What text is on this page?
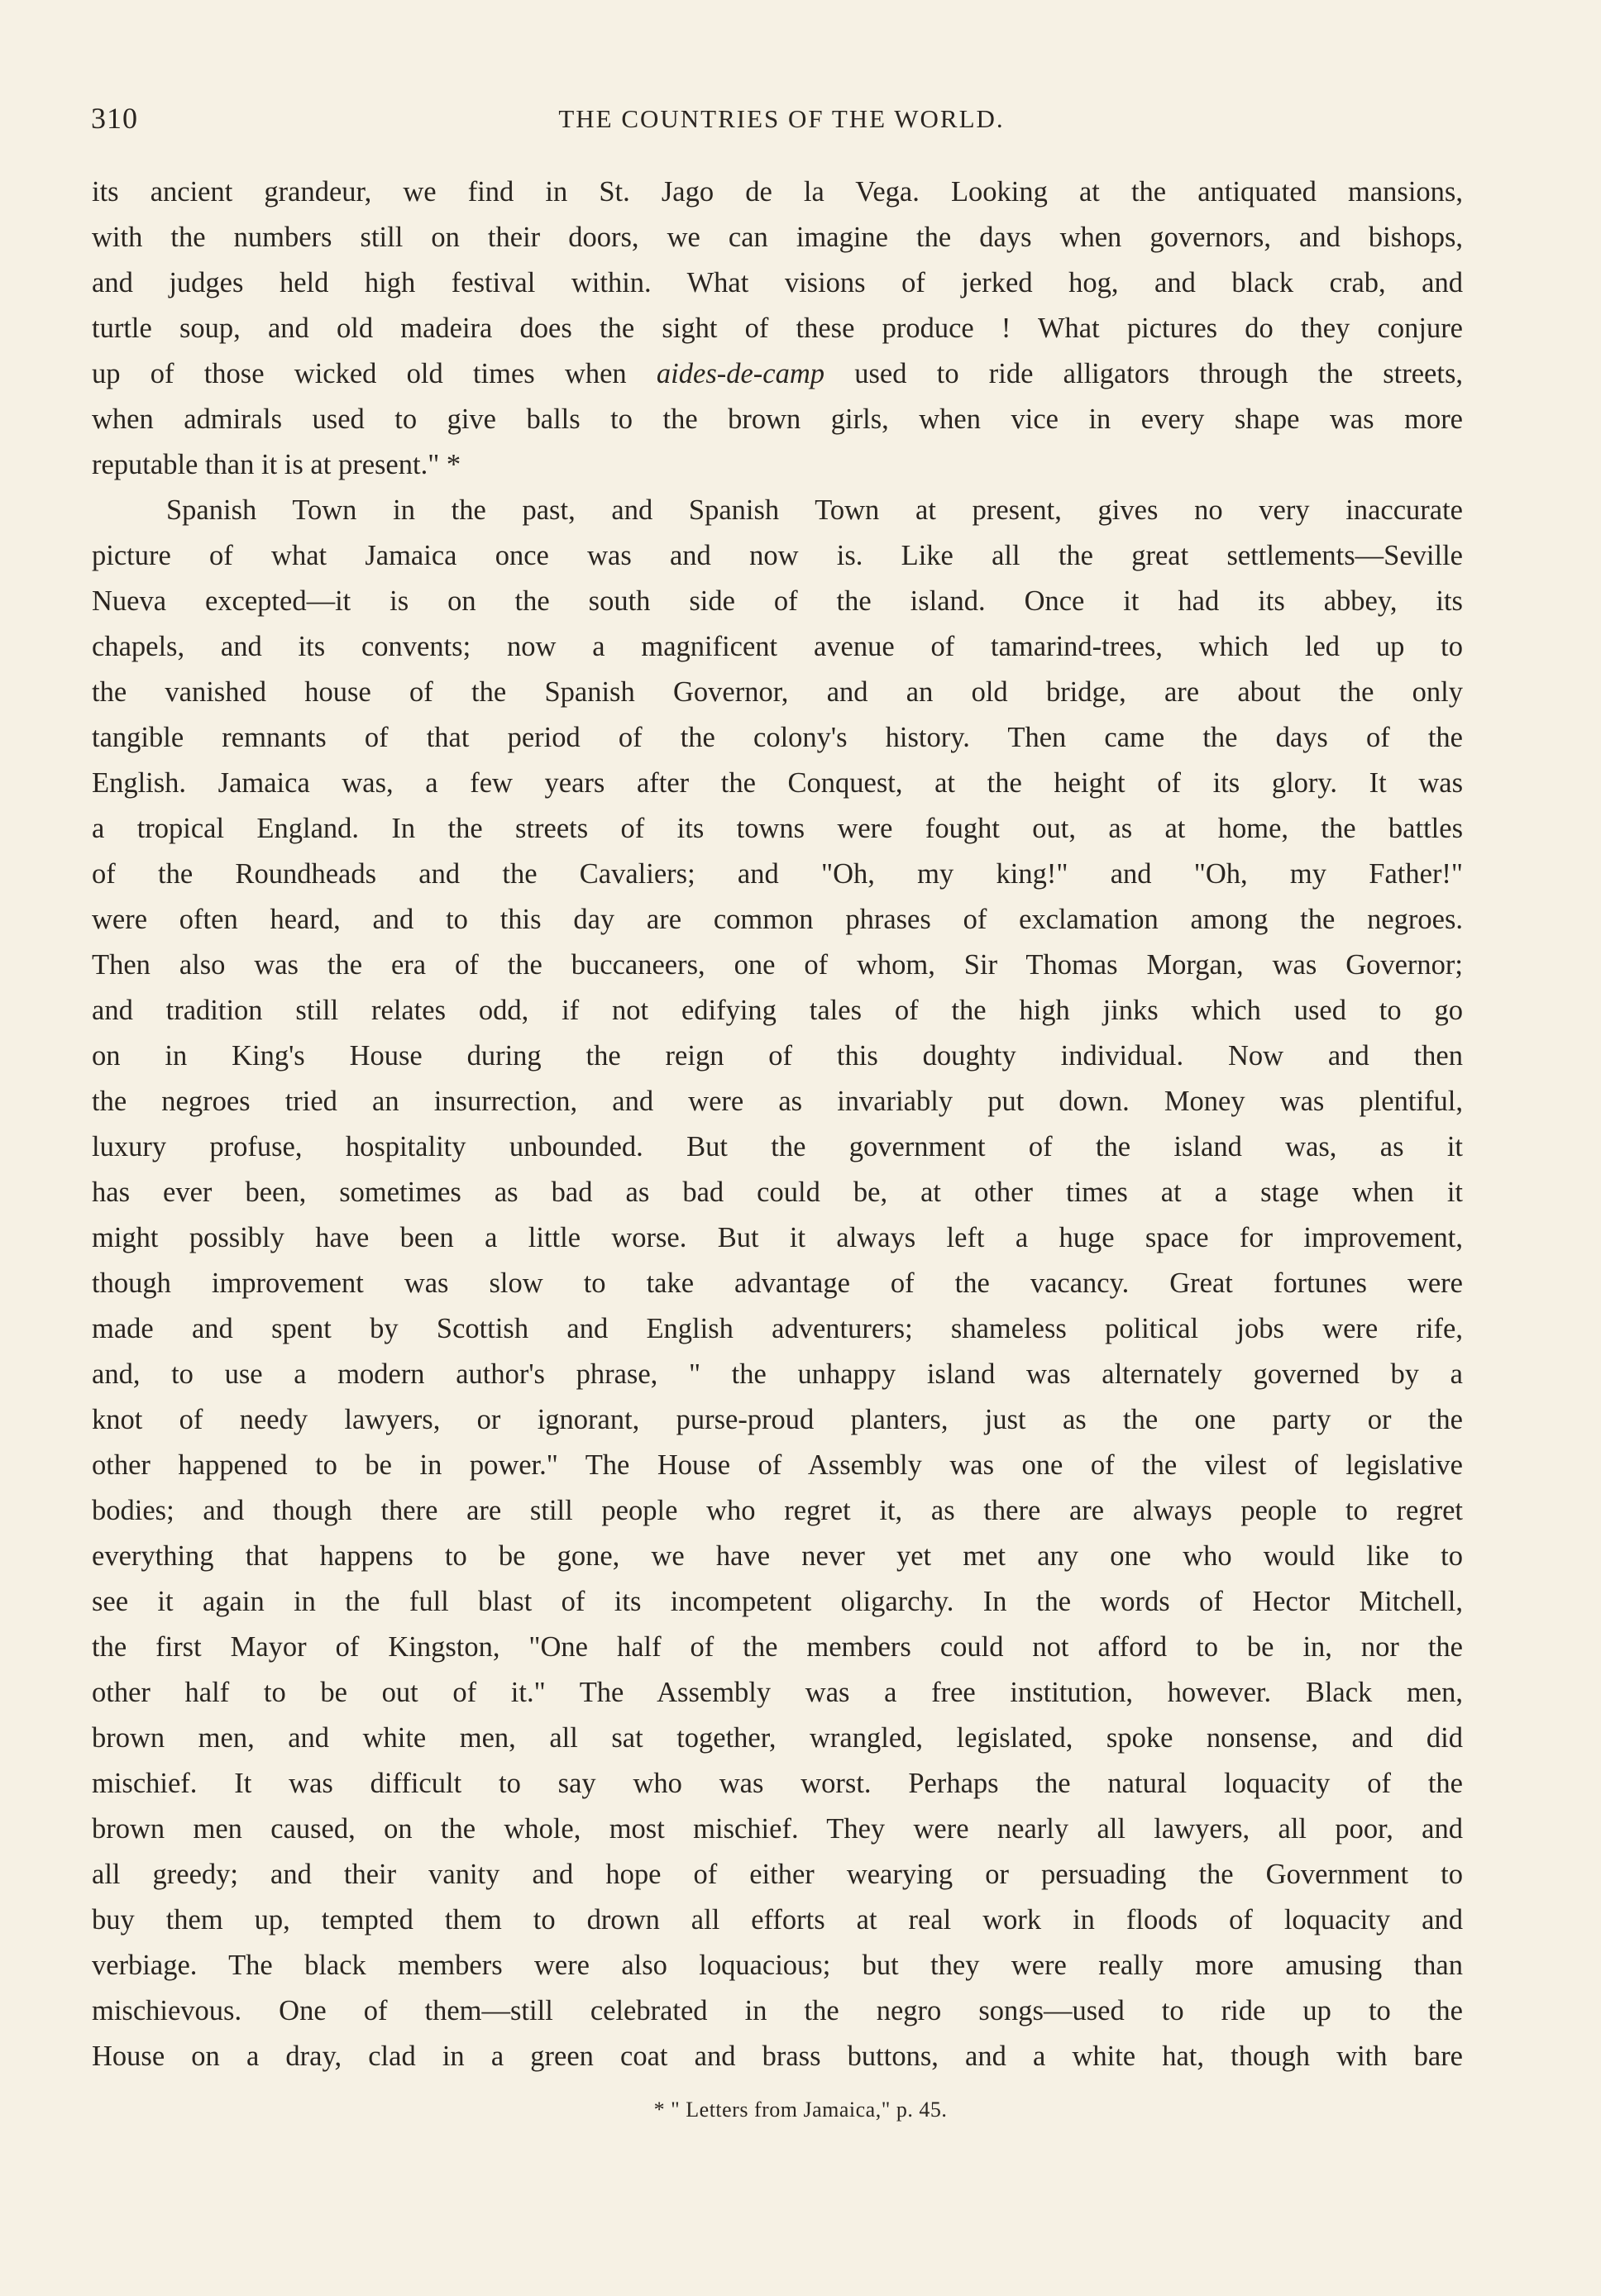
310	THE COUNTRIES OF THE WORLD.
its ancient grandeur, we find in St. Jago de la Vega. Looking at the antiquated mansions,
with the numbers still on their doors, we can imagine the days when governors, and bishops,
and judges held high festival within. What visions of jerked hog, and black crab, and
turtle soup, and old madeira does the sight of these produce ! What pictures do they conjure
up of those wicked old times when aides-de-camp used to ride alligators through the streets,
when admirals used to give balls to the brown girls, when vice in every shape was more
reputable than it is at present." *
Spanish Town in the past, and Spanish Town at present, gives no very inaccurate
picture of what Jamaica once was and now is. Like all the great settlements—Seville
Nueva excepted—it is on the south side of the island. Once it had its abbey, its
chapels, and its convents; now a magnificent avenue of tamarind-trees, which led up to
the vanished house of the Spanish Governor, and an old bridge, are about the only
tangible remnants of that period of the colony's history. Then came the days of the
English. Jamaica was, a few years after the Conquest, at the height of its glory. It was
a tropical England. In the streets of its towns were fought out, as at home, the battles
of the Roundheads and the Cavaliers; and "Oh, my king!" and "Oh, my Father!"
were often heard, and to this day are common phrases of exclamation among the negroes.
Then also was the era of the buccaneers, one of whom, Sir Thomas Morgan, was Governor;
and tradition still relates odd, if not edifying tales of the high jinks which used to go
on in King's House during the reign of this doughty individual. Now and then
the negroes tried an insurrection, and were as invariably put down. Money was plentiful,
luxury profuse, hospitality unbounded. But the government of the island was, as it
has ever been, sometimes as bad as bad could be, at other times at a stage when it
might possibly have been a little worse. But it always left a huge space for improvement,
though improvement was slow to take advantage of the vacancy. Great fortunes were
made and spent by Scottish and English adventurers; shameless political jobs were rife,
and, to use a modern author's phrase, " the unhappy island was alternately governed by a
knot of needy lawyers, or ignorant, purse-proud planters, just as the one party or the
other happened to be in power." The House of Assembly was one of the vilest of legislative
bodies; and though there are still people who regret it, as there are always people to regret
everything that happens to be gone, we have never yet met any one who would like to
see it again in the full blast of its incompetent oligarchy. In the words of Hector Mitchell,
the first Mayor of Kingston, "One half of the members could not afford to be in, nor the
other half to be out of it." The Assembly was a free institution, however. Black men,
brown men, and white men, all sat together, wrangled, legislated, spoke nonsense, and did
mischief. It was difficult to say who was worst. Perhaps the natural loquacity of the
brown men caused, on the whole, most mischief. They were nearly all lawyers, all poor, and
all greedy; and their vanity and hope of either wearying or persuading the Government to
buy them up, tempted them to drown all efforts at real work in floods of loquacity and
verbiage. The black members were also loquacious; but they were really more amusing than
mischievous. One of them—still celebrated in the negro songs—used to ride up to the
House on a dray, clad in a green coat and brass buttons, and a white hat, though with bare
* " Letters from Jamaica," p. 45.
